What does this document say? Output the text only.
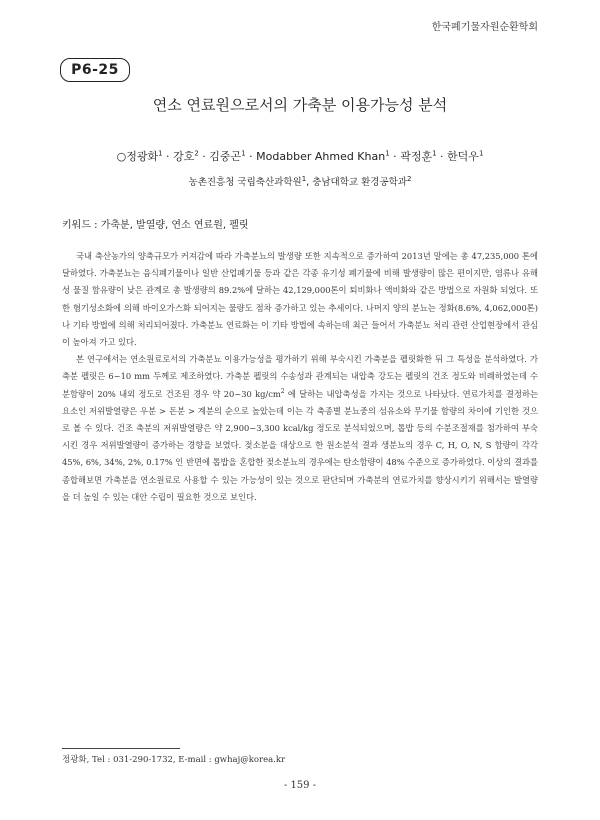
한국폐기물자원순환학회
P6-25
연소 연료원으로서의 가축분 이용가능성 분석
○정광화$^1$ · 강호$^2$ · 김중곤$^1$ · Modabber Ahmed Khan$^1$ · 곽정훈$^1$ · 한덕우$^1$
농촌진흥청 국립축산과학원$^1$, 충남대학교 환경공학과$^2$
키워드 : 가축분, 발열량, 연소 연료원, 펠릿

국내 축산농가의 양축규모가 커져감에 따라 가축분뇨의 발생량 또한 지속적으로 증가하여 2013년 말에는 총 47,235,000 톤에 달하였다. 가축분뇨는 음식폐기물이나 일반 산업폐기물 등과 같은 각종 유기성 폐기물에 비해 발생량이 많은 편이지만, 염류나 유해성 물질 함유량이 낮은 관계로 총 발생량의 89.2%에 달하는 42,129,000톤이 퇴비화나 액비화와 같은 방법으로 자원화 되었다. 또한 혐기성소화에 의해 바이오가스화 되어지는 물량도 점차 증가하고 있는 추세이다. 나머지 양의 분뇨는 정화(8.6%, 4,062,000톤)나 기타 방법에 의해 처리되어졌다. 가축분뇨 연료화는 이 기타 방법에 속하는데 최근 들어서 가축분뇨 처리 관련 산업현장에서 관심이 높아져 가고 있다.

본 연구에서는 연소원료로서의 가축분뇨 이용가능성을 평가하기 위해 부숙시킨 가축분을 펠릿화한 뒤 그 특성을 분석하였다. 가축분 펠릿은 6~10 mm 두께로 제조하였다. 가축분 펠릿의 수송성과 관계되는 내압축 강도는 펠릿의 건조 정도와 비례하였는데 수분함량이 20% 내외 정도로 건조된 경우 약 20~30 $kg/cm^2$ 에 달하는 내압축성을 가지는 것으로 나타났다. 연료가치를 결정하는 요소인 저위발열량은 우분 > 돈분 > 계분의 순으로 높았는데 이는 각 축종별 분뇨중의 섬유소와 무기물 함량의 차이에 기인한 것으로 볼 수 있다. 건조 축분의 저위발열량은 약 2,900~3,300 kcal/kg 정도로 분석되었으며, 톱밥 등의 수분조절재를 첨가하여 부숙시킨 경우 저위발열량이 증가하는 경향을 보였다. 젖소분을 대상으로 한 원소분석 결과 생분뇨의 경우 C, H, O, N, S 함량이 각각 45%, 6%, 34%, 2%, 0.17% 인 반면에 톱밥을 혼합한 젖소분뇨의 경우에는 탄소함량이 48% 수준으로 증가하였다. 이상의 결과를 종합해보면 가축분을 연소원료로 사용할 수 있는 가능성이 있는 것으로 판단되며 가축분의 연료가치를 향상시키기 위해서는 발열량을 더 높일 수 있는 대안 수립이 필요한 것으로 보인다.

정광화, Tel : 031-290-1732, E-mail : gwhaj@korea.kr
- 159 -
